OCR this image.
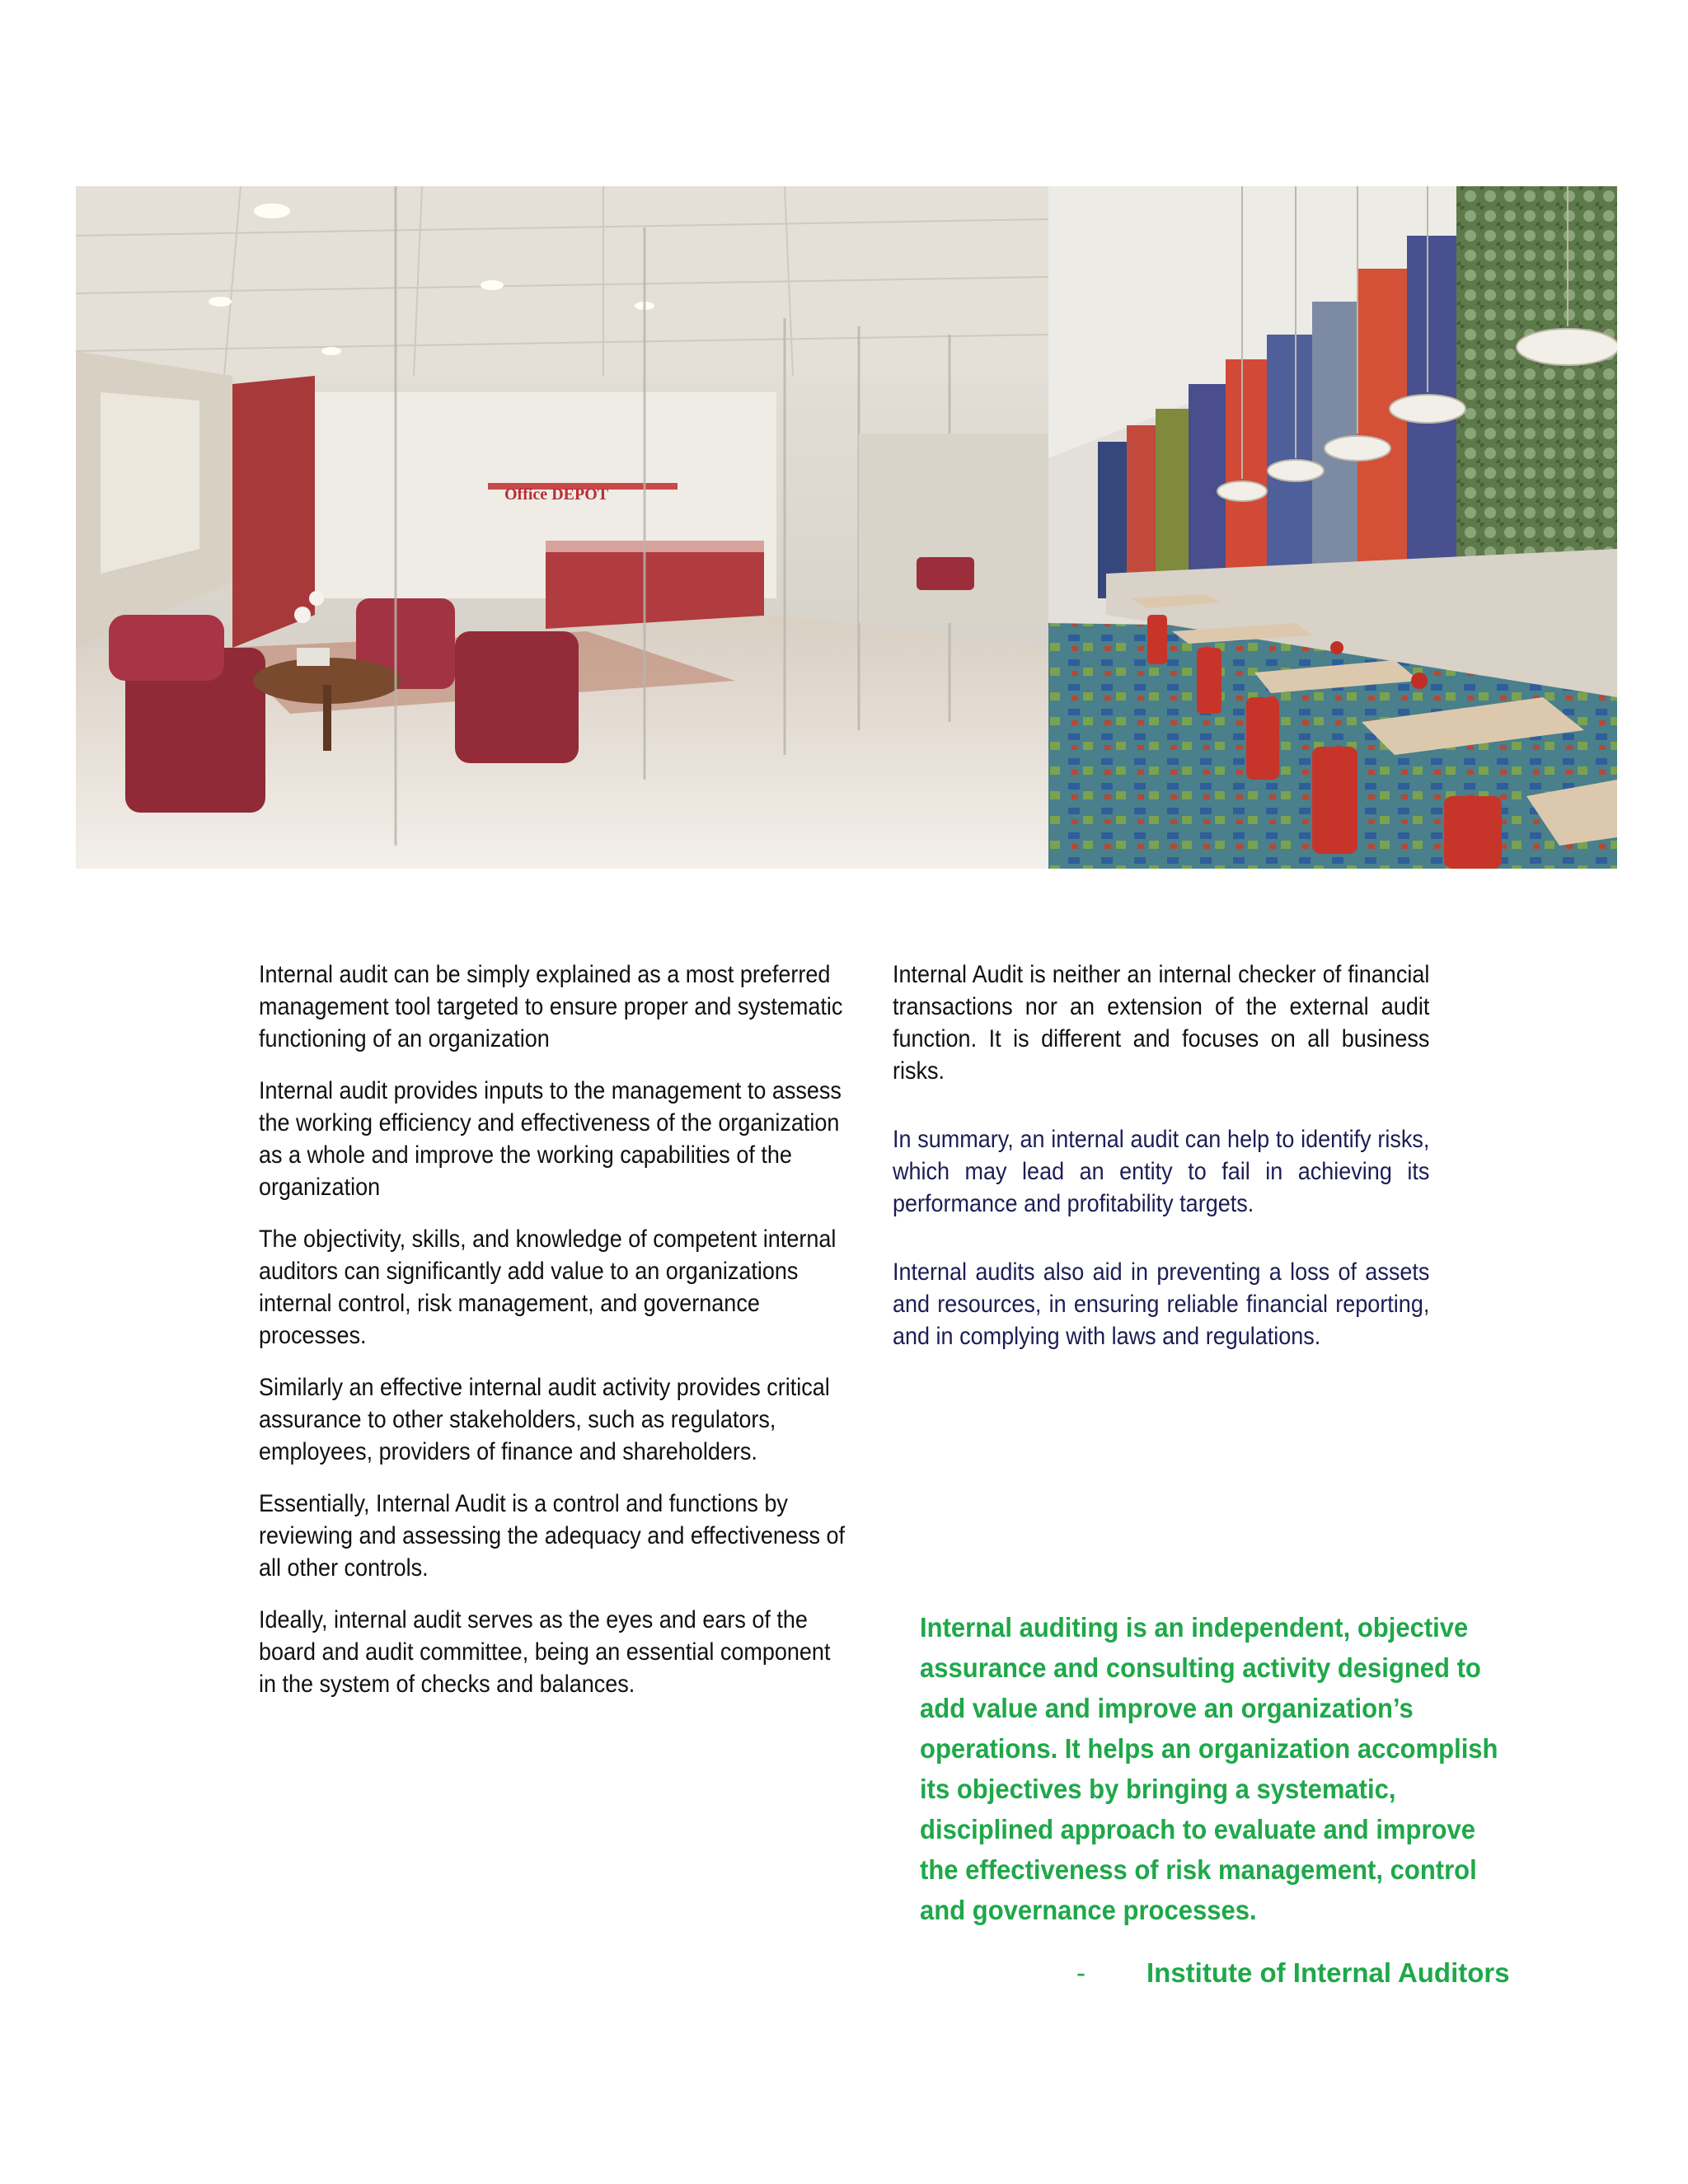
Office DEPOT

Internal audit can be simply explained as a most preferred management tool targeted to ensure proper and systematic functioning of an organization

Internal audit provides inputs to the management to assess the working efficiency and effectiveness of the organization as a whole and improve the working capabilities of the organization

The objectivity, skills, and knowledge of competent internal auditors can significantly add value to an organizations internal control, risk management, and governance processes.

Similarly an effective internal audit activity provides critical assurance to other stakeholders, such as regulators, employees, providers of finance and shareholders.

Essentially, Internal Audit is a control and functions by reviewing and assessing the adequacy and effectiveness of all other controls.

Ideally, internal audit serves as the eyes and ears of the board and audit committee, being an essential component in the system of checks and balances.

Internal Audit is neither an internal checker of financial transactions nor an extension of the external audit function. It is different and focuses on all business risks.

In summary, an internal audit can help to identify risks, which may lead an entity to fail in achieving its performance and profitability targets.

Internal audits also aid in preventing a loss of assets and resources, in ensuring reliable financial reporting, and in complying with laws and regulations.

Internal auditing is an independent, objective assurance and consulting activity designed to add value and improve an organization’s operations. It helps an organization accomplish its objectives by bringing a systematic, disciplined approach to evaluate and improve the effectiveness of risk management, control and governance processes.
- Institute of Internal Auditors
